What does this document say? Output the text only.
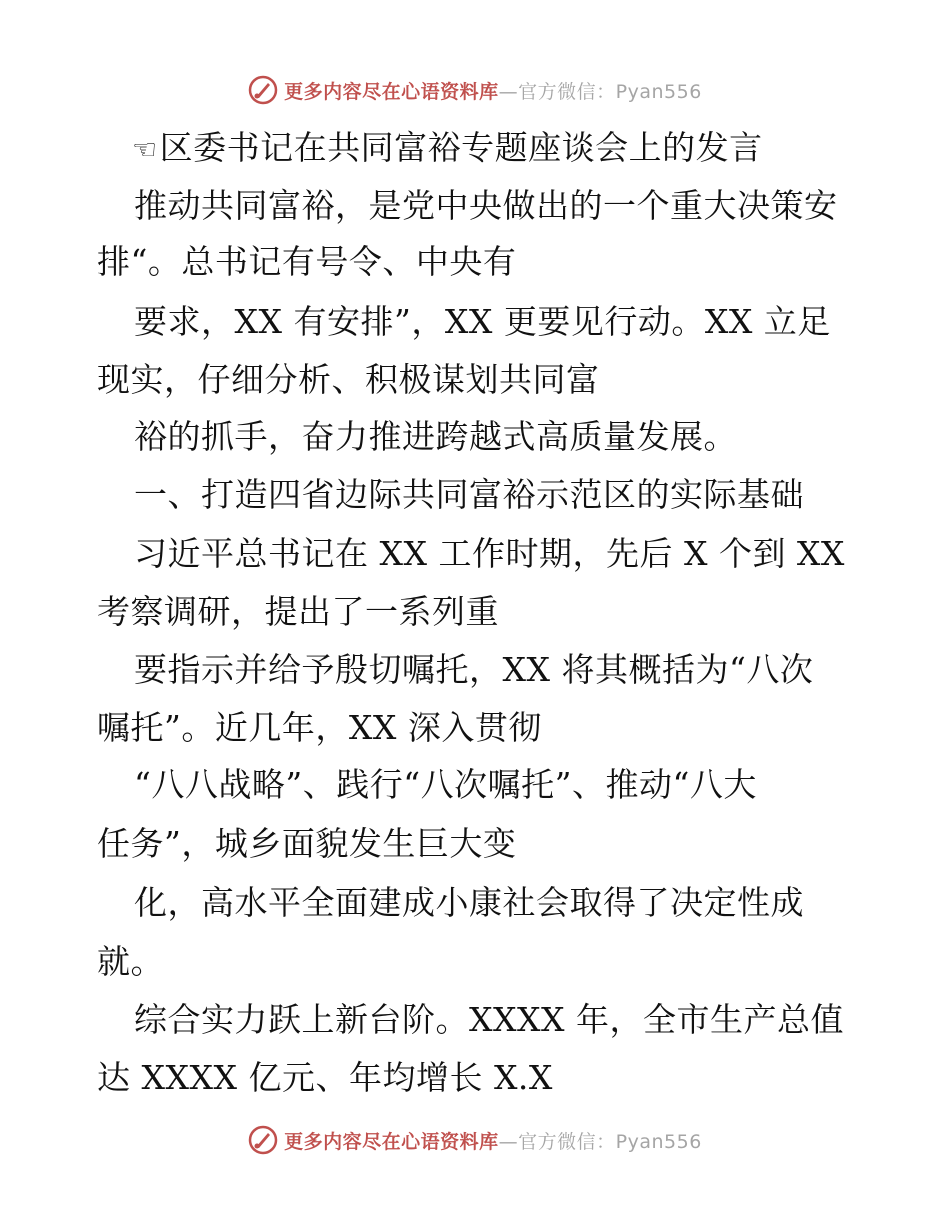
更多内容尽在心语资料库—官方微信：Pyan556
☜区委书记在共同富裕专题座谈会上的发言
推动共同富裕，是党中央做出的一个重大决策安
排“。总书记有号令、中央有
要求，XX 有安排”，XX 更要见行动。XX 立足
现实，仔细分析、积极谋划共同富
裕的抓手，奋力推进跨越式高质量发展。
一、打造四省边际共同富裕示范区的实际基础
习近平总书记在 XX 工作时期，先后 X 个到 XX
考察调研，提出了一系列重
要指示并给予殷切嘱托，XX 将其概括为“八次
嘱托”。近几年，XX 深入贯彻
“八八战略”、践行“八次嘱托”、推动“八大
任务”，城乡面貌发生巨大变
化，高水平全面建成小康社会取得了决定性成
就。
综合实力跃上新台阶。XXXX 年，全市生产总值
达 XXXX 亿元、年均增长 X.X
更多内容尽在心语资料库—官方微信：Pyan556
